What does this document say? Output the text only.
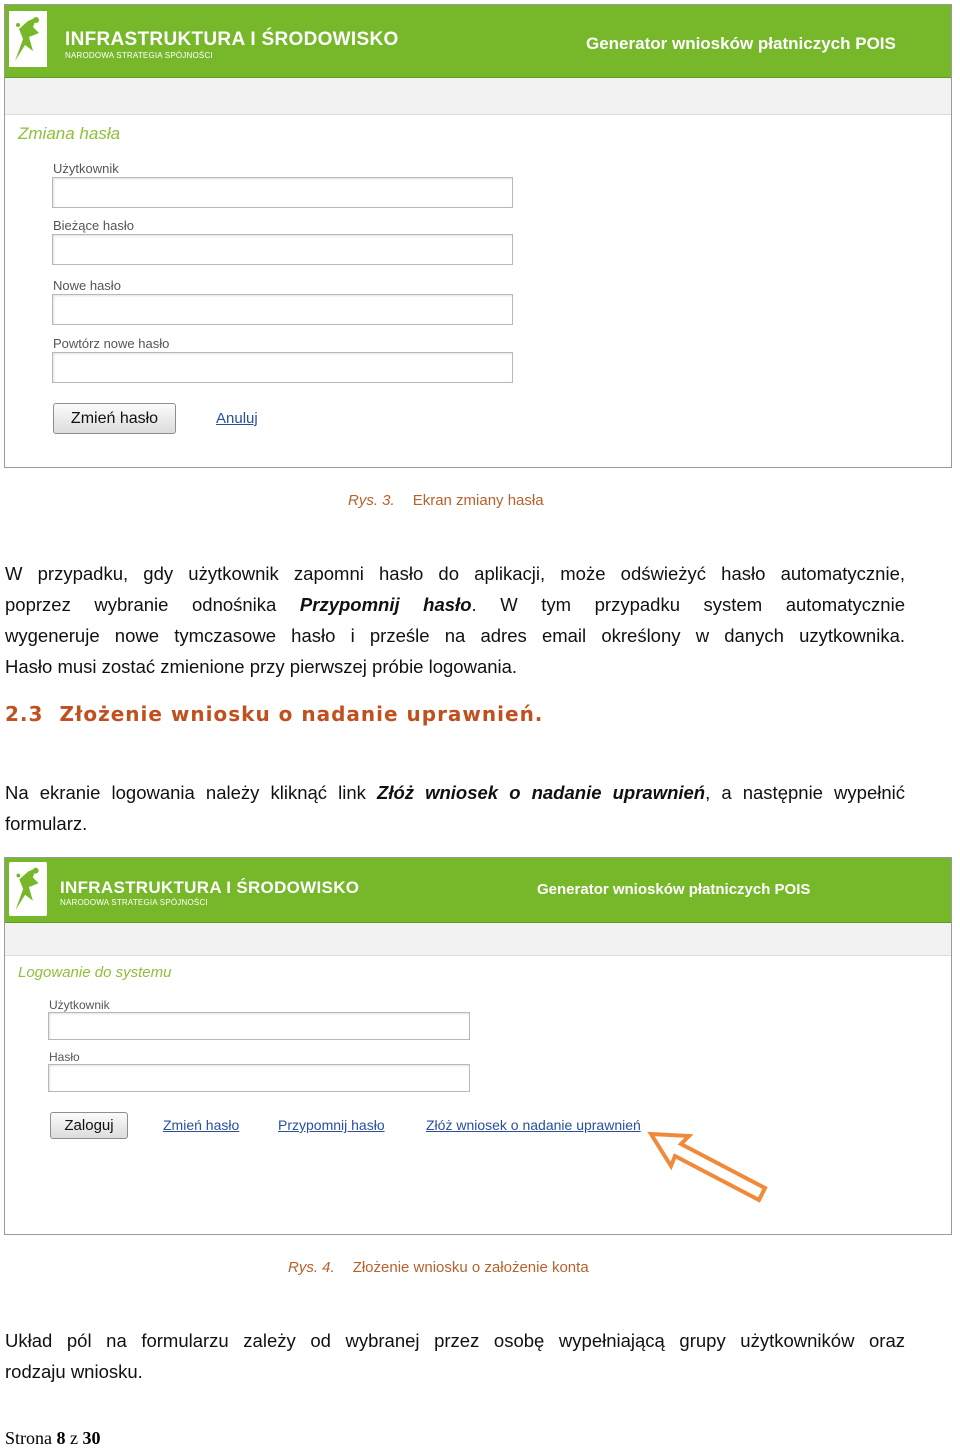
INFRASTRUKTURA I ŚRODOWISKO
NARODOWA STRATEGIA SPÓJNOŚCI
Generator wniosków płatniczych POIS
Zmiana hasła
Użytkownik
Bieżące hasło
Nowe hasło
Powtórz nowe hasło
Zmień hasło	Anuluj
Rys. 3. Ekran zmiany hasła
W przypadku, gdy użytkownik zapomni hasło do aplikacji, może odświeżyć hasło automatycznie,
poprzez wybranie odnośnika Przypomnij hasło. W tym przypadku system automatycznie
wygeneruje nowe tymczasowe hasło i prześle na adres email określony w danych uzytkownika.
Hasło musi zostać zmienione przy pierwszej próbie logowania.
2.3 Złożenie wniosku o nadanie uprawnień.
Na ekranie logowania należy kliknąć link Złóż wniosek o nadanie uprawnień, a następnie wypełnić
formularz.
INFRASTRUKTURA I ŚRODOWISKO
NARODOWA STRATEGIA SPÓJNOŚCI
Generator wniosków płatniczych POIS
Logowanie do systemu
Użytkownik
Hasło
Zaloguj	Zmień hasło	Przypomnij hasło	Złóż wniosek o nadanie uprawnień
Rys. 4. Złożenie wniosku o założenie konta
Układ pól na formularzu zależy od wybranej przez osobę wypełniającą grupy użytkowników oraz
rodzaju wniosku.
Strona 8 z 30
